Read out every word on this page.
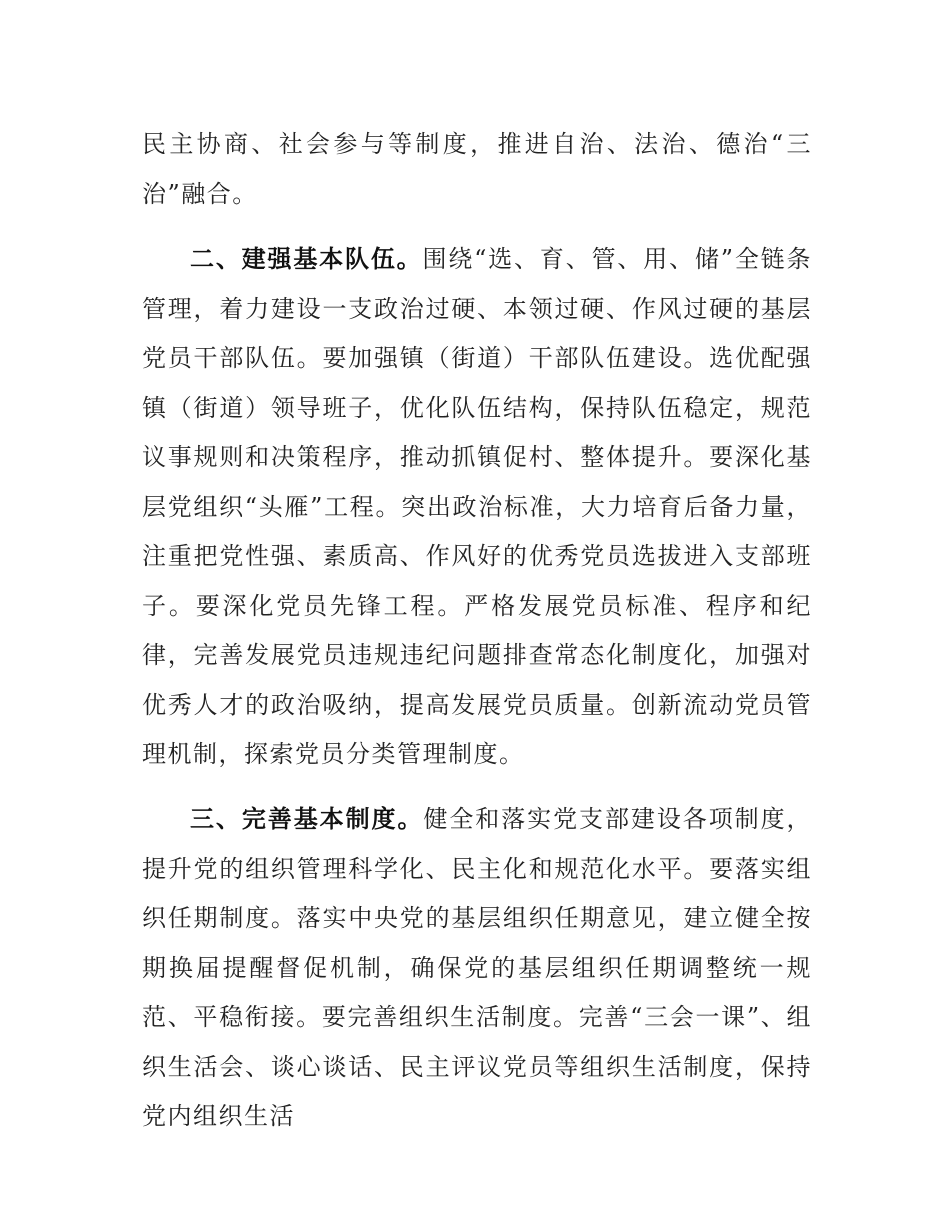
民主协商、社会参与等制度，推进自治、法治、德治“三治”融合。

二、建强基本队伍。围绕“选、育、管、用、储”全链条管理，着力建设一支政治过硬、本领过硬、作风过硬的基层党员干部队伍。要加强镇（街道）干部队伍建设。选优配强镇（街道）领导班子，优化队伍结构，保持队伍稳定，规范议事规则和决策程序，推动抓镇促村、整体提升。要深化基层党组织“头雁”工程。突出政治标准，大力培育后备力量，注重把党性强、素质高、作风好的优秀党员选拔进入支部班子。要深化党员先锋工程。严格发展党员标准、程序和纪律，完善发展党员违规违纪问题排查常态化制度化，加强对优秀人才的政治吸纳，提高发展党员质量。创新流动党员管理机制，探索党员分类管理制度。

三、完善基本制度。健全和落实党支部建设各项制度，提升党的组织管理科学化、民主化和规范化水平。要落实组织任期制度。落实中央党的基层组织任期意见，建立健全按期换届提醒督促机制，确保党的基层组织任期调整统一规范、平稳衔接。要完善组织生活制度。完善“三会一课”、组织生活会、谈心谈话、民主评议党员等组织生活制度，保持党内组织生活
